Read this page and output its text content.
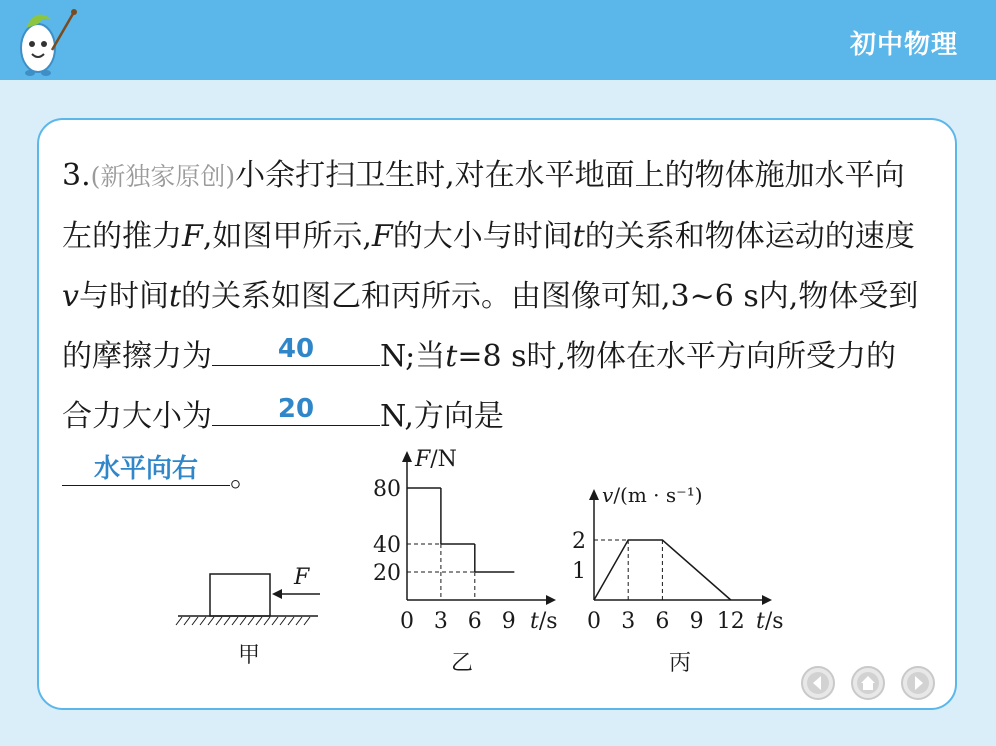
初中物理
3.(新独家原创)小余打扫卫生时,对在水平地面上的物体施加水平向左的推力F,如图甲所示,F的大小与时间t的关系和物体运动的速度v与时间t的关系如图乙和丙所示。由图像可知,3~6 s内,物体受到的摩擦力为	40	N;当t=8 s时,物体在水平方向所受力的合力大小为	20	N,方向是

水平向右	。
F
甲
F/N
t/s
0 3 6 9
20
40
80
乙
v/(m · s⁻¹)
t/s
0 3 6 9 12
1
2
丙
